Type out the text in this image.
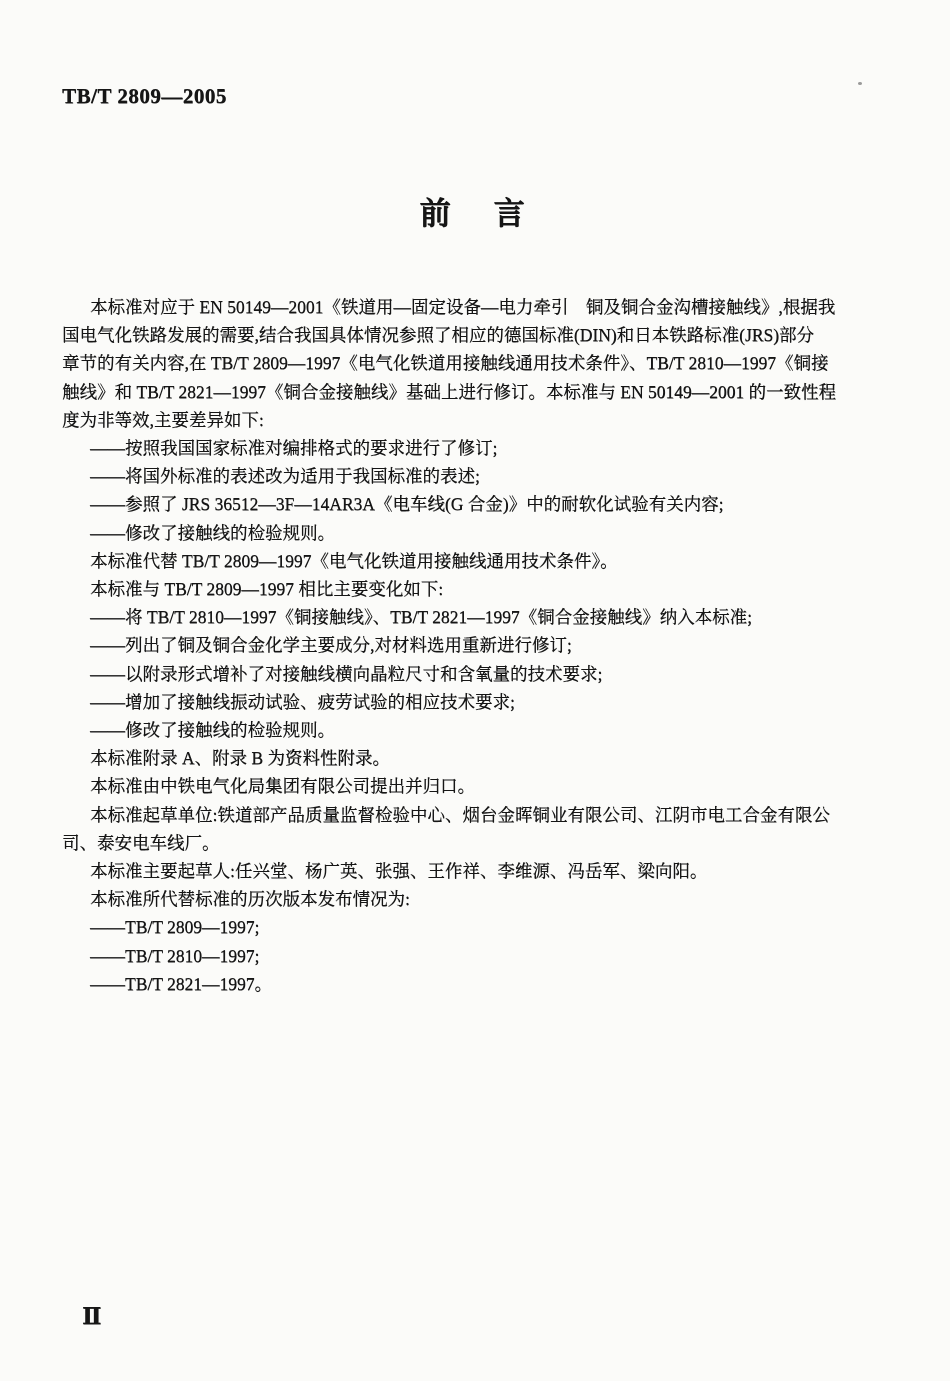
TB/T 2809—2005
前　言
本标准对应于 EN 50149—2001《铁道用—固定设备—电力牵引　铜及铜合金沟槽接触线》,根据我
国电气化铁路发展的需要,结合我国具体情况参照了相应的德国标准(DIN)和日本铁路标准(JRS)部分
章节的有关内容,在 TB/T 2809—1997《电气化铁道用接触线通用技术条件》、TB/T 2810—1997《铜接
触线》和 TB/T 2821—1997《铜合金接触线》基础上进行修订。本标准与 EN 50149—2001 的一致性程
度为非等效,主要差异如下:
——按照我国国家标准对编排格式的要求进行了修订;
——将国外标准的表述改为适用于我国标准的表述;
——参照了 JRS 36512—3F—14AR3A《电车线(G 合金)》中的耐软化试验有关内容;
——修改了接触线的检验规则。
本标准代替 TB/T 2809—1997《电气化铁道用接触线通用技术条件》。
本标准与 TB/T 2809—1997 相比主要变化如下:
——将 TB/T 2810—1997《铜接触线》、TB/T 2821—1997《铜合金接触线》纳入本标准;
——列出了铜及铜合金化学主要成分,对材料选用重新进行修订;
——以附录形式增补了对接触线横向晶粒尺寸和含氧量的技术要求;
——增加了接触线振动试验、疲劳试验的相应技术要求;
——修改了接触线的检验规则。
本标准附录 A、附录 B 为资料性附录。
本标准由中铁电气化局集团有限公司提出并归口。
本标准起草单位:铁道部产品质量监督检验中心、烟台金晖铜业有限公司、江阴市电工合金有限公
司、泰安电车线厂。
本标准主要起草人:任兴堂、杨广英、张强、王作祥、李维源、冯岳军、梁向阳。
本标准所代替标准的历次版本发布情况为:
——TB/T 2809—1997;
——TB/T 2810—1997;
——TB/T 2821—1997。
Ⅱ
